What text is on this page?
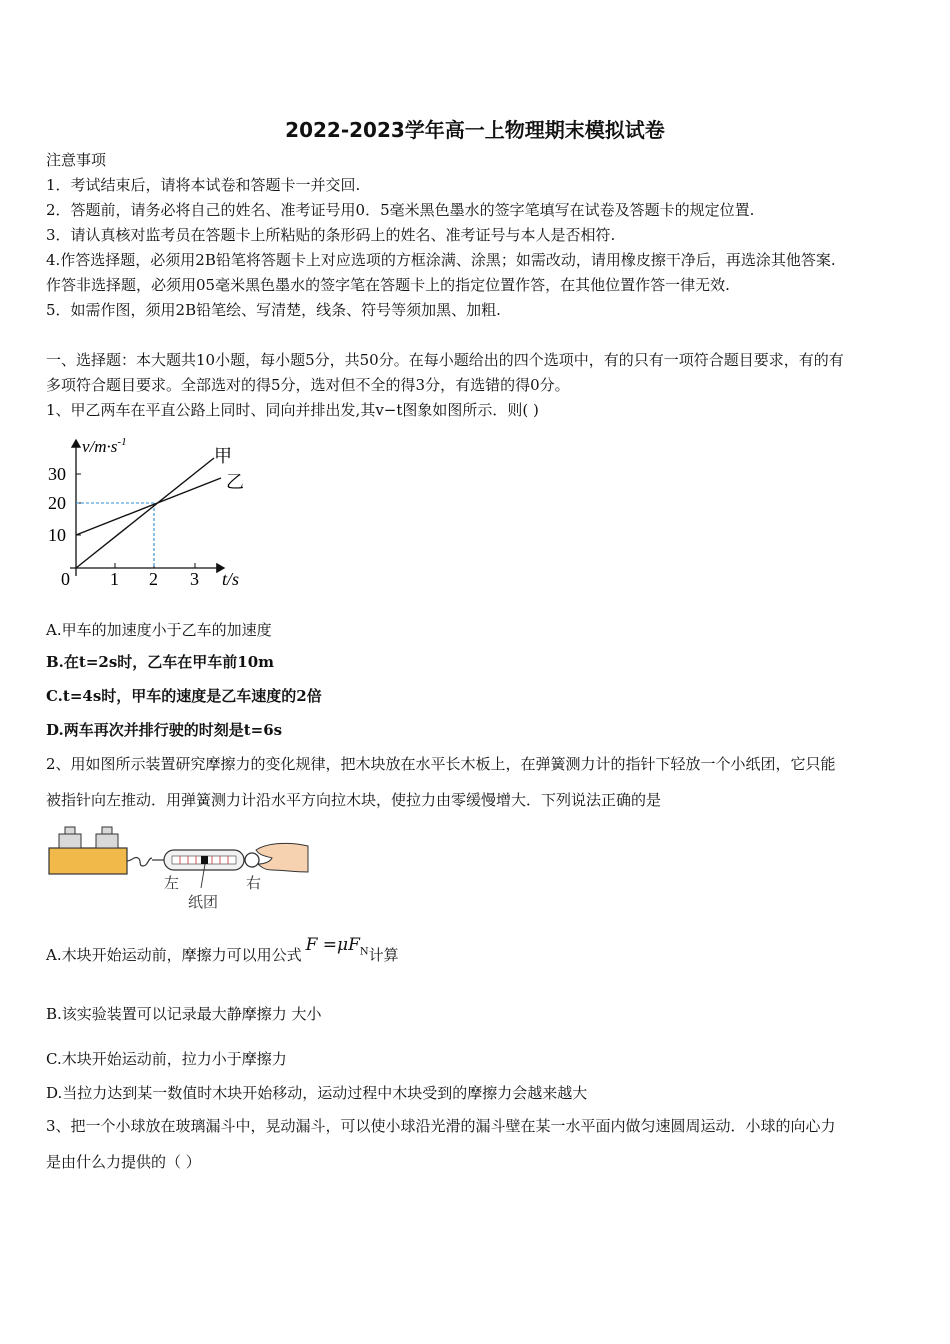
2022-2023学年高一上物理期末模拟试卷
注意事项
1．考试结束后，请将本试卷和答题卡一并交回.
2．答题前，请务必将自己的姓名、准考证号用0．5毫米黑色墨水的签字笔填写在试卷及答题卡的规定位置.
3．请认真核对监考员在答题卡上所粘贴的条形码上的姓名、准考证号与本人是否相符.
4.作答选择题，必须用2B铅笔将答题卡上对应选项的方框涂满、涂黑；如需改动，请用橡皮擦干净后，再选涂其他答案.
作答非选择题，必须用05毫米黑色墨水的签字笔在答题卡上的指定位置作答，在其他位置作答一律无效.
5．如需作图，须用2B铅笔绘、写清楚，线条、符号等须加黑、加粗.
一、选择题：本大题共10小题，每小题5分，共50分。在每小题给出的四个选项中，有的只有一项符合题目要求，有的有
多项符合题目要求。全部选对的得5分，选对但不全的得3分，有选错的得0分。
1、甲乙两车在平直公路上同时、同向并排出发,其v−t图象如图所示．则( )
$v/m\cdot s^{-1}$
30
20
10
0 1 2 3 t/s
甲
乙
A.甲车的加速度小于乙车的加速度
B.在t=2s时，乙车在甲车前10m
C.t=4s时，甲车的速度是乙车速度的2倍
D.两车再次并排行驶的时刻是t=6s
2、用如图所示装置研究摩擦力的变化规律，把木块放在水平长木板上，在弹簧测力计的指针下轻放一个小纸团，它只能
被指针向左推动．用弹簧测力计沿水平方向拉木块，使拉力由零缓慢增大．下列说法正确的是
左	右
纸团
A.木块开始运动前，摩擦力可以用公式 $F =\mu F_N$计算
B.该实验装置可以记录最大静摩擦力 大小
C.木块开始运动前，拉力小于摩擦力
D.当拉力达到某一数值时木块开始移动，运动过程中木块受到的摩擦力会越来越大
3、把一个小球放在玻璃漏斗中，晃动漏斗，可以使小球沿光滑的漏斗壁在某一水平面内做匀速圆周运动．小球的向心力
是由什么力提供的（ ）
